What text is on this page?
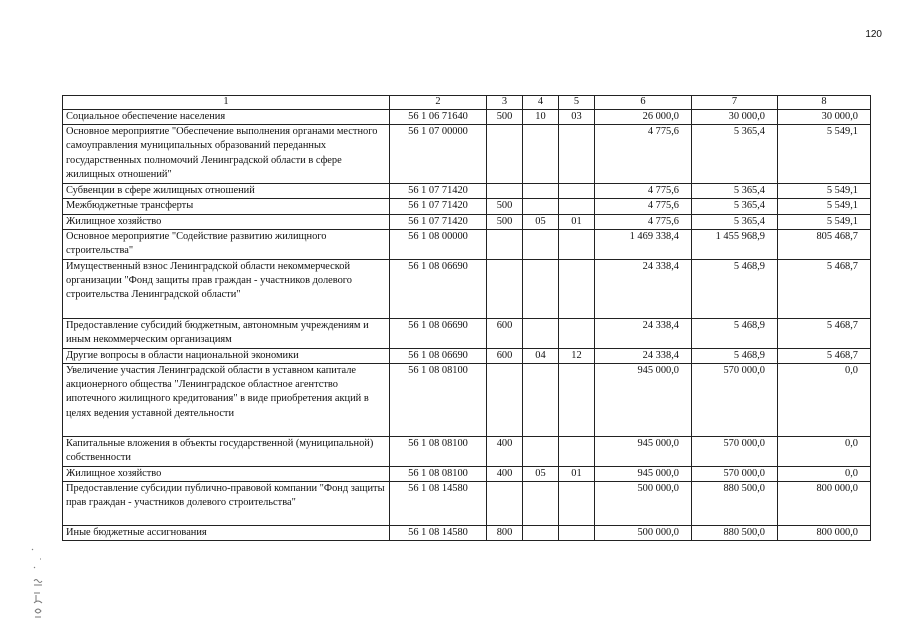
120
1	2	3	4	5	6	7	8
Социальное обеспечение населения	56 1 06 71640	500	10	03	26 000,0	30 000,0	30 000,0
Основное мероприятие "Обеспечение выполнения органами местного самоуправления муниципальных образований переданных государственных полномочий Ленинградской области в сфере жилищных отношений"	56 1 07 00000				4 775,6	5 365,4	5 549,1
Субвенции в сфере жилищных отношений	56 1 07 71420				4 775,6	5 365,4	5 549,1
Межбюджетные трансферты	56 1 07 71420	500			4 775,6	5 365,4	5 549,1
Жилищное хозяйство	56 1 07 71420	500	05	01	4 775,6	5 365,4	5 549,1
Основное мероприятие "Содействие развитию жилищного строительства"	56 1 08 00000				1 469 338,4	1 455 968,9	805 468,7
Имущественный взнос Ленинградской области некоммерческой организации "Фонд защиты прав граждан - участников долевого строительства Ленинградской области"	56 1 08 06690				24 338,4	5 468,9	5 468,7
Предоставление субсидий бюджетным, автономным учреждениям и иным некоммерческим организациям	56 1 08 06690	600			24 338,4	5 468,9	5 468,7
Другие вопросы в области национальной экономики	56 1 08 06690	600	04	12	24 338,4	5 468,9	5 468,7
Увеличение участия Ленинградской области в уставном капитале акционерного общества "Ленинградское областное агентство ипотечного жилищного кредитования" в виде приобретения акций в целях ведения уставной деятельности	56 1 08 08100				945 000,0	570 000,0	0,0
Капитальные вложения в объекты государственной (муниципальной) собственности	56 1 08 08100	400			945 000,0	570 000,0	0,0
Жилищное хозяйство	56 1 08 08100	400	05	01	945 000,0	570 000,0	0,0
Предоставление субсидии публично-правовой компании "Фонд защиты прав граждан - участников долевого строительства"	56 1 08 14580				500 000,0	880 500,0	800 000,0
Иные бюджетные ассигнования	56 1 08 14580	800			500 000,0	880 500,0	800 000,0
